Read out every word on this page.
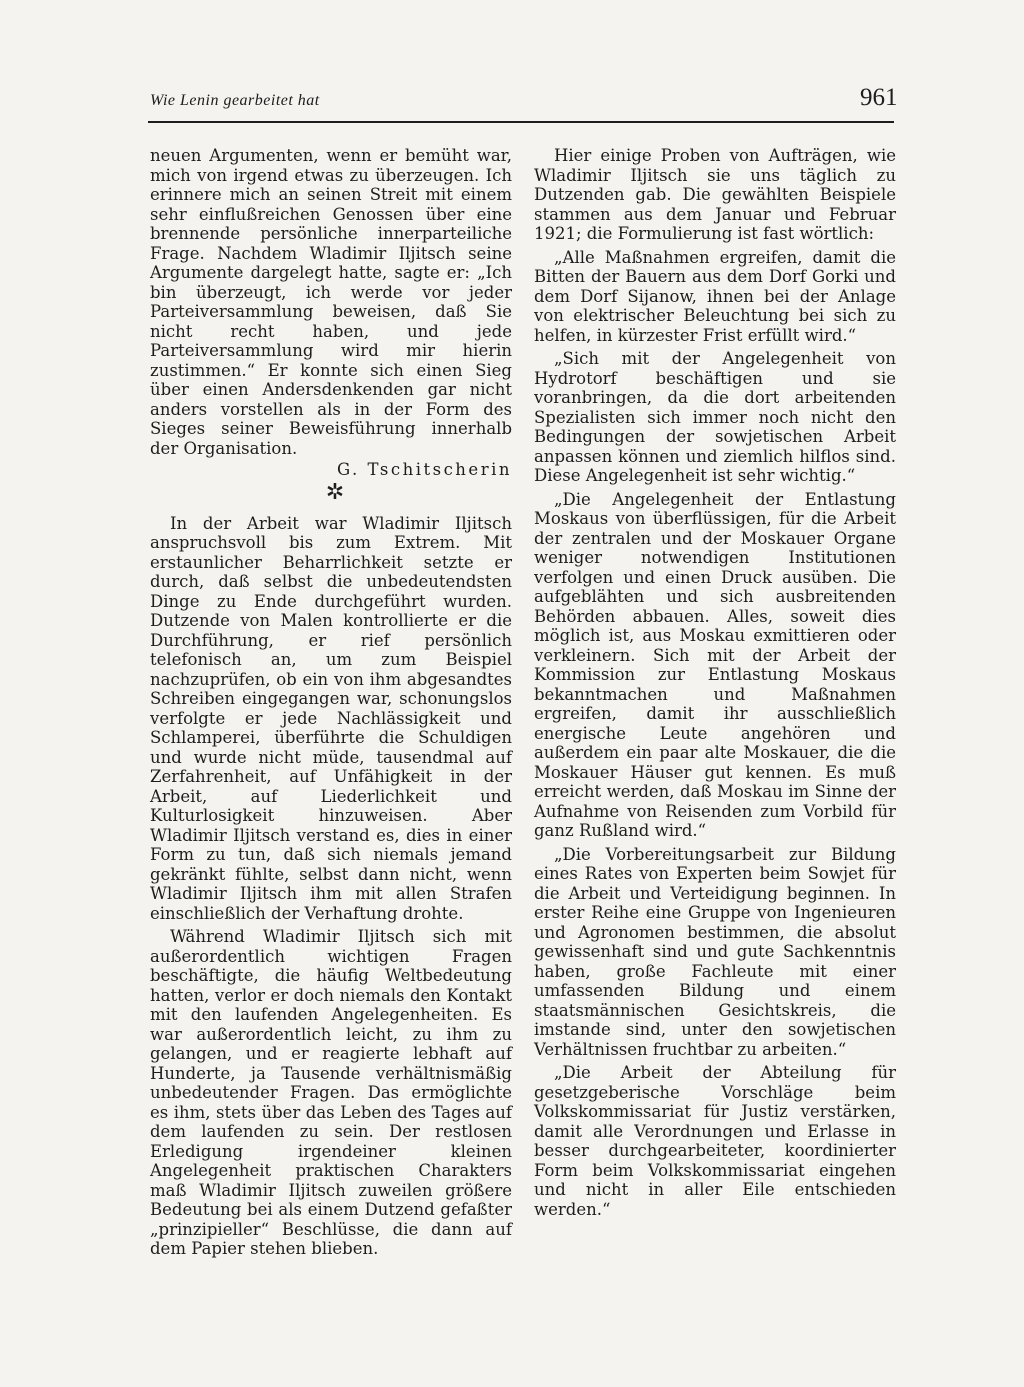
Wie Lenin gearbeitet hat	961

neuen Argumenten, wenn er bemüht war, mich von irgend etwas zu überzeugen. Ich erinnere mich an seinen Streit mit einem sehr einflußreichen Genossen über eine brennende persönliche innerparteiliche Frage. Nachdem Wladimir Iljitsch seine Argumente dargelegt hatte, sagte er: „Ich bin überzeugt, ich werde vor jeder Parteiversammlung beweisen, daß Sie nicht recht haben, und jede Parteiversammlung wird mir hierin zustimmen.“ Er konnte sich einen Sieg über einen Andersdenkenden gar nicht anders vorstellen als in der Form des Sieges seiner Beweisführung innerhalb der Organisation.

G. Tschitscherin
✲

In der Arbeit war Wladimir Iljitsch anspruchsvoll bis zum Extrem. Mit erstaunlicher Beharrlichkeit setzte er durch, daß selbst die unbedeutendsten Dinge zu Ende durchgeführt wurden. Dutzende von Malen kontrollierte er die Durchführung, er rief persönlich telefonisch an, um zum Beispiel nachzuprüfen, ob ein von ihm abgesandtes Schreiben eingegangen war, schonungslos verfolgte er jede Nachlässigkeit und Schlamperei, überführte die Schuldigen und wurde nicht müde, tausendmal auf Zerfahrenheit, auf Unfähigkeit in der Arbeit, auf Liederlichkeit und Kulturlosigkeit hinzuweisen. Aber Wladimir Iljitsch verstand es, dies in einer Form zu tun, daß sich niemals jemand gekränkt fühlte, selbst dann nicht, wenn Wladimir Iljitsch ihm mit allen Strafen einschließlich der Verhaftung drohte.

Während Wladimir Iljitsch sich mit außerordentlich wichtigen Fragen beschäftigte, die häufig Weltbedeutung hatten, verlor er doch niemals den Kontakt mit den laufenden Angelegenheiten. Es war außerordentlich leicht, zu ihm zu gelangen, und er reagierte lebhaft auf Hunderte, ja Tausende verhältnismäßig unbedeutender Fragen. Das ermöglichte es ihm, stets über das Leben des Tages auf dem laufenden zu sein. Der restlosen Erledigung irgendeiner kleinen Angelegenheit praktischen Charakters maß Wladimir Iljitsch zuweilen größere Bedeutung bei als einem Dutzend gefaßter „prinzipieller“ Beschlüsse, die dann auf dem Papier stehen blieben.

Hier einige Proben von Aufträgen, wie Wladimir Iljitsch sie uns täglich zu Dutzenden gab. Die gewählten Beispiele stammen aus dem Januar und Februar 1921; die Formulierung ist fast wörtlich:

„Alle Maßnahmen ergreifen, damit die Bitten der Bauern aus dem Dorf Gorki und dem Dorf Sijanow, ihnen bei der Anlage von elektrischer Beleuchtung bei sich zu helfen, in kürzester Frist erfüllt wird.“

„Sich mit der Angelegenheit von Hydrotorf beschäftigen und sie voranbringen, da die dort arbeitenden Spezialisten sich immer noch nicht den Bedingungen der sowjetischen Arbeit anpassen können und ziemlich hilflos sind. Diese Angelegenheit ist sehr wichtig.“

„Die Angelegenheit der Entlastung Moskaus von überflüssigen, für die Arbeit der zentralen und der Moskauer Organe weniger notwendigen Institutionen verfolgen und einen Druck ausüben. Die aufgeblähten und sich ausbreitenden Behörden abbauen. Alles, soweit dies möglich ist, aus Moskau exmittieren oder verkleinern. Sich mit der Arbeit der Kommission zur Entlastung Moskaus bekanntmachen und Maßnahmen ergreifen, damit ihr ausschließlich energische Leute angehören und außerdem ein paar alte Moskauer, die die Moskauer Häuser gut kennen. Es muß erreicht werden, daß Moskau im Sinne der Aufnahme von Reisenden zum Vorbild für ganz Rußland wird.“

„Die Vorbereitungsarbeit zur Bildung eines Rates von Experten beim Sowjet für die Arbeit und Verteidigung beginnen. In erster Reihe eine Gruppe von Ingenieuren und Agronomen bestimmen, die absolut gewissenhaft sind und gute Sachkenntnis haben, große Fachleute mit einer umfassenden Bildung und einem staatsmännischen Gesichtskreis, die imstande sind, unter den sowjetischen Verhältnissen fruchtbar zu arbeiten.“

„Die Arbeit der Abteilung für gesetzgeberische Vorschläge beim Volkskommissariat für Justiz verstärken, damit alle Verordnungen und Erlasse in besser durchgearbeiteter, koordinierter Form beim Volkskommissariat eingehen und nicht in aller Eile entschieden werden.“
